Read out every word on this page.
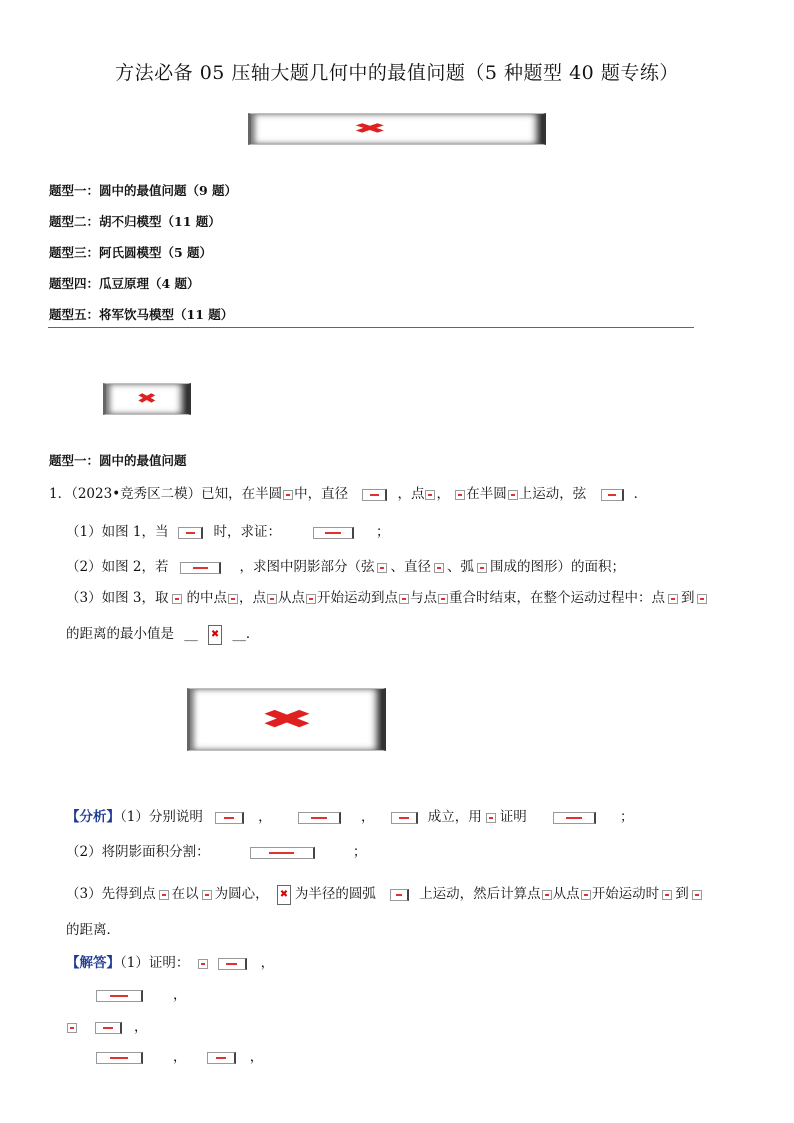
方法必备 05 压轴大题几何中的最值问题（5 种题型 40 题专练）
✖
题型一：圆中的最值问题（9 题）
题型二：胡不归模型（11 题）
题型三：阿氏圆模型（5 题）
题型四：瓜豆原理（4 题）
题型五：将军饮马模型（11 题）
✖
题型一：圆中的最值问题
1．（2023•竞秀区二模）已知，在半圆 中，直径	，点 ， 在半圆 上运动，弦	．
（1）如图 1，当	时，求证：	；
（2）如图 2，若	，求图中阴影部分（弦 、直径 、弧 围成的图形）的面积；
（3）如图 3，取 的中点 ，点 从点 开始运动到点 与点 重合时结束，在整个运动过程中：点 到
的距离的最小值是 __ ✖ __．
✖
【分析】（1）分别说明	，	，	成立，用 证明	；
（2）将阴影面积分割：	；
（3）先得到点 在以 为圆心， ✖ 为半径的圆弧	上运动，然后计算点 从点 开始运动时 到
的距离．
【解答】（1）证明：	，
，
，
，	，
